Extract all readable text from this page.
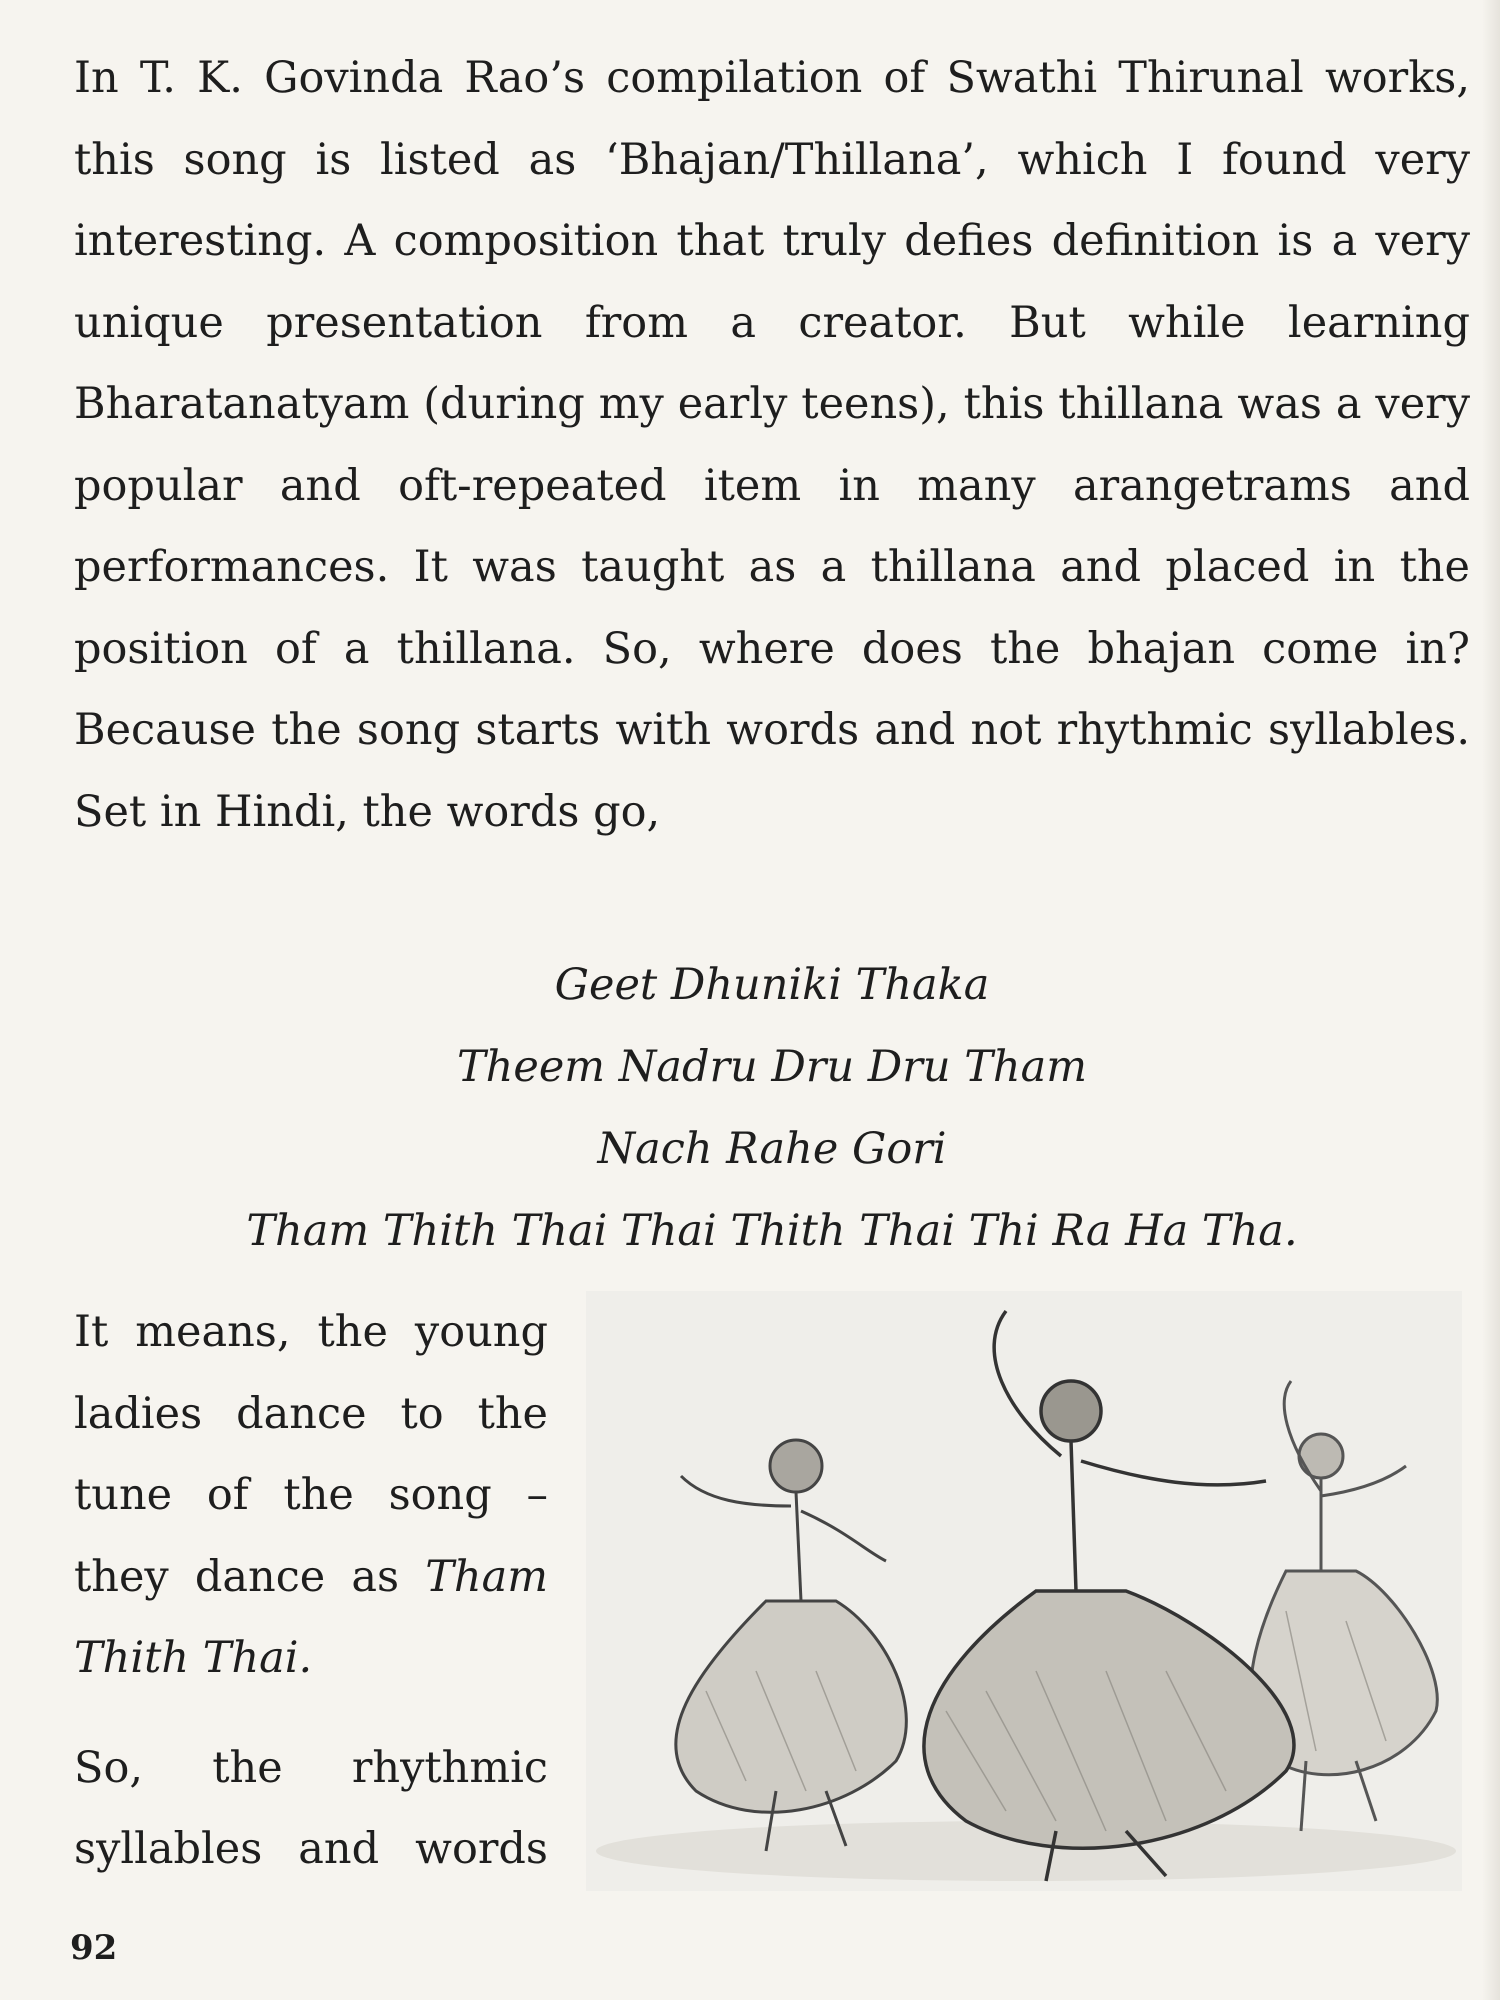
In T. K. Govinda Rao’s compilation of Swathi Thirunal works, this song is listed as ‘Bhajan/Thillana’, which I found very interesting. A composition that truly defies definition is a very unique presentation from a creator. But while learning Bharatanatyam (during my early teens), this thillana was a very popular and oft-repeated item in many arangetrams and performances. It was taught as a thillana and placed in the position of a thillana. So, where does the bhajan come in? Because the song starts with words and not rhythmic syllables. Set in Hindi, the words go,

Geet Dhuniki Thaka
Theem Nadru Dru Dru Tham
Nach Rahe Gori
Tham Thith Thai Thai Thith Thai Thi Ra Ha Tha.

It means, the young ladies dance to the tune of the song – they dance as Tham Thith Thai.

So, the rhythmic syllables and words

92
